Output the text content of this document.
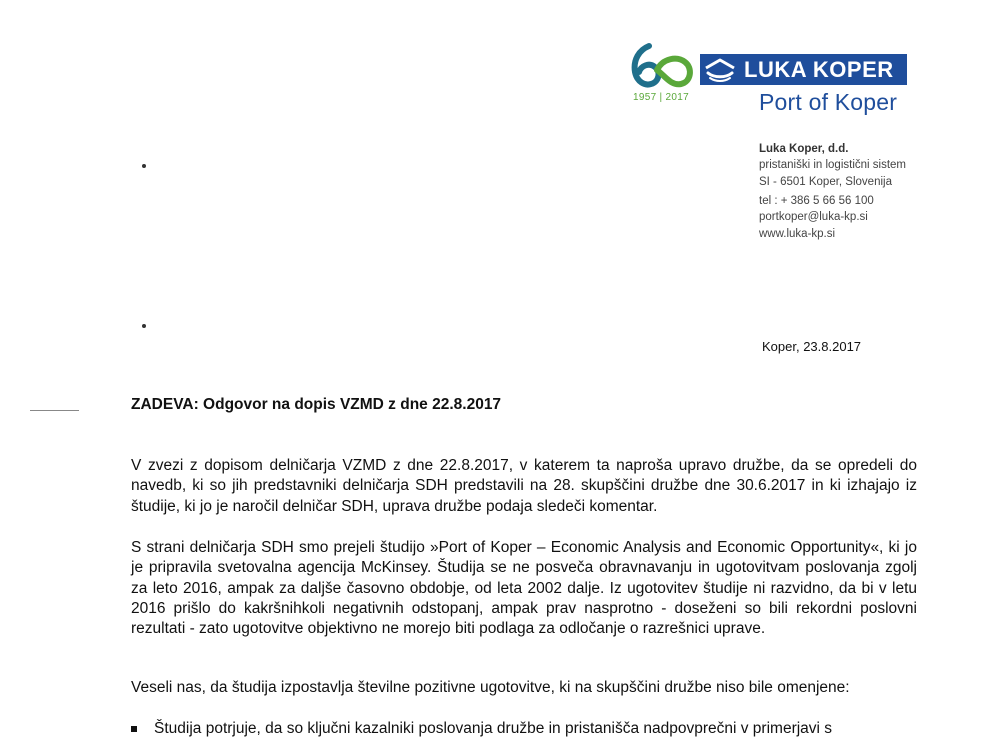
1957 | 2017
LUKA KOPER
Port of Koper
Luka Koper, d.d.
pristaniški in logistični sistem
SI - 6501 Koper, Slovenija
tel : + 386 5 66 56 100
portkoper@luka-kp.si
www.luka-kp.si
Koper, 23.8.2017
ZADEVA: Odgovor na dopis VZMD z dne 22.8.2017
V zvezi z dopisom delničarja VZMD z dne 22.8.2017, v katerem ta naproša upravo družbe, da se opredeli do navedb, ki so jih predstavniki delničarja SDH predstavili na 28. skupščini družbe dne 30.6.2017 in ki izhajajo iz študije, ki jo je naročil delničar SDH, uprava družbe podaja sledeči komentar.
S strani delničarja SDH smo prejeli študijo »Port of Koper – Economic Analysis and Economic Opportunity«, ki jo je pripravila svetovalna agencija McKinsey. Študija se ne posveča obravnavanju in ugotovitvam poslovanja zgolj za leto 2016, ampak za daljše časovno obdobje, od leta 2002 dalje. Iz ugotovitev študije ni razvidno, da bi v letu 2016 prišlo do kakršnihkoli negativnih odstopanj, ampak prav nasprotno - doseženi so bili rekordni poslovni rezultati - zato ugotovitve objektivno ne morejo biti podlaga za odločanje o razrešnici uprave.
Veseli nas, da študija izpostavlja številne pozitivne ugotovitve, ki na skupščini družbe niso bile omenjene:
Študija potrjuje, da so ključni kazalniki poslovanja družbe in pristanišča nadpovprečni v primerjavi s
